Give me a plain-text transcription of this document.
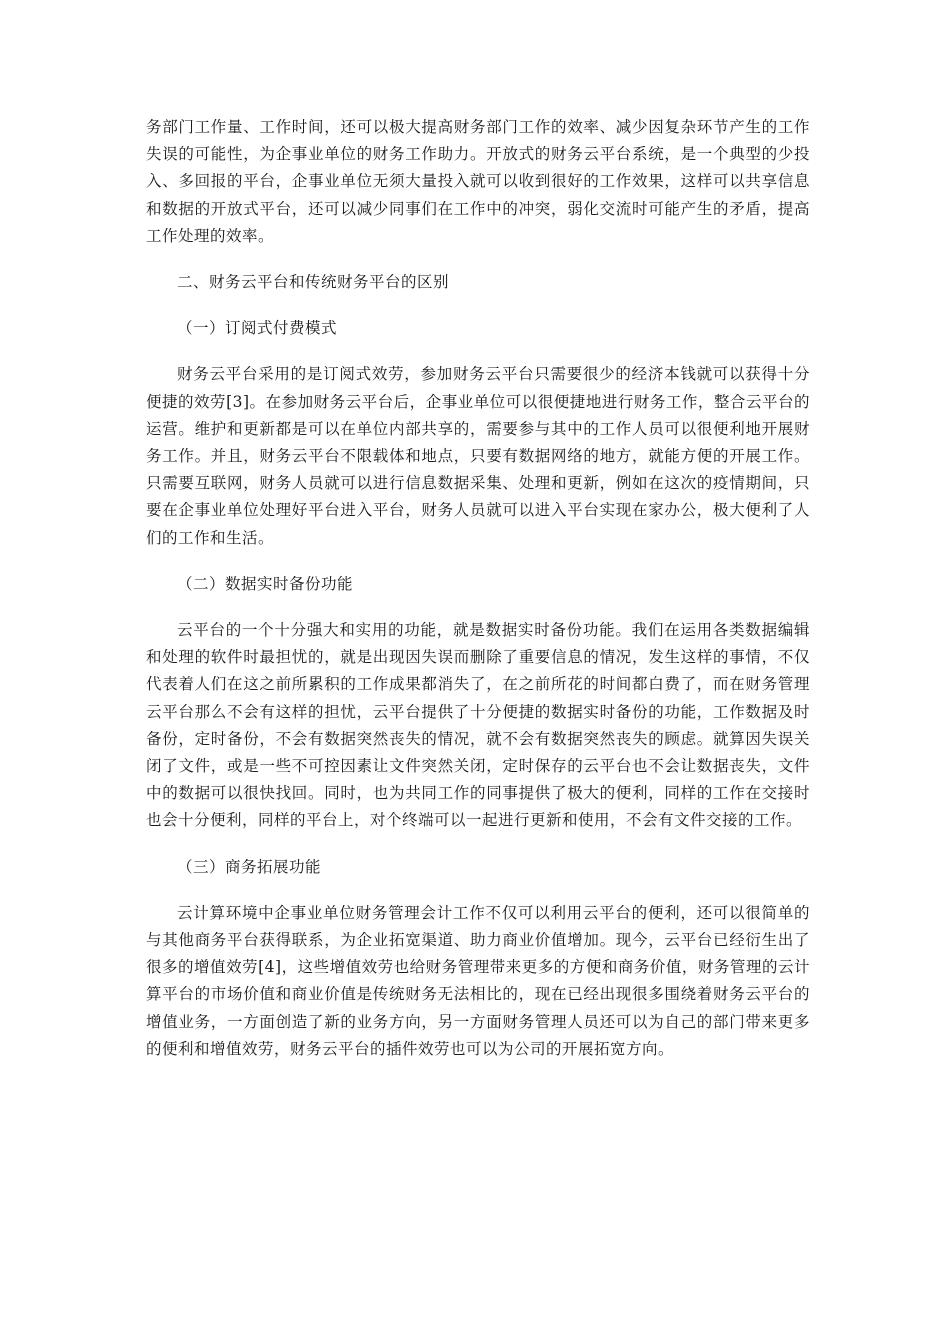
务部门工作量、工作时间，还可以极大提高财务部门工作的效率、减少因复杂环节产生的工作失误的可能性，为企事业单位的财务工作助力。开放式的财务云平台系统，是一个典型的少投入、多回报的平台，企事业单位无须大量投入就可以收到很好的工作效果，这样可以共享信息和数据的开放式平台，还可以减少同事们在工作中的冲突，弱化交流时可能产生的矛盾，提高工作处理的效率。

二、财务云平台和传统财务平台的区别

（一）订阅式付费模式

财务云平台采用的是订阅式效劳，参加财务云平台只需要很少的经济本钱就可以获得十分便捷的效劳[3]。在参加财务云平台后，企事业单位可以很便捷地进行财务工作，整合云平台的运营。维护和更新都是可以在单位内部共享的，需要参与其中的工作人员可以很便利地开展财务工作。并且，财务云平台不限载体和地点，只要有数据网络的地方，就能方便的开展工作。只需要互联网，财务人员就可以进行信息数据采集、处理和更新，例如在这次的疫情期间，只要在企事业单位处理好平台进入平台，财务人员就可以进入平台实现在家办公，极大便利了人们的工作和生活。

（二）数据实时备份功能

云平台的一个十分强大和实用的功能，就是数据实时备份功能。我们在运用各类数据编辑和处理的软件时最担忧的，就是出现因失误而删除了重要信息的情况，发生这样的事情，不仅代表着人们在这之前所累积的工作成果都消失了，在之前所花的时间都白费了，而在财务管理云平台那么不会有这样的担忧，云平台提供了十分便捷的数据实时备份的功能，工作数据及时备份，定时备份，不会有数据突然丧失的情况，就不会有数据突然丧失的顾虑。就算因失误关闭了文件，或是一些不可控因素让文件突然关闭，定时保存的云平台也不会让数据丧失，文件中的数据可以很快找回。同时，也为共同工作的同事提供了极大的便利，同样的工作在交接时也会十分便利，同样的平台上，对个终端可以一起进行更新和使用，不会有文件交接的工作。

（三）商务拓展功能

云计算环境中企事业单位财务管理会计工作不仅可以利用云平台的便利，还可以很简单的与其他商务平台获得联系，为企业拓宽渠道、助力商业价值增加。现今，云平台已经衍生出了很多的增值效劳[4]，这些增值效劳也给财务管理带来更多的方便和商务价值，财务管理的云计算平台的市场价值和商业价值是传统财务无法相比的，现在已经出现很多围绕着财务云平台的增值业务，一方面创造了新的业务方向，另一方面财务管理人员还可以为自己的部门带来更多的便利和增值效劳，财务云平台的插件效劳也可以为公司的开展拓宽方向。
